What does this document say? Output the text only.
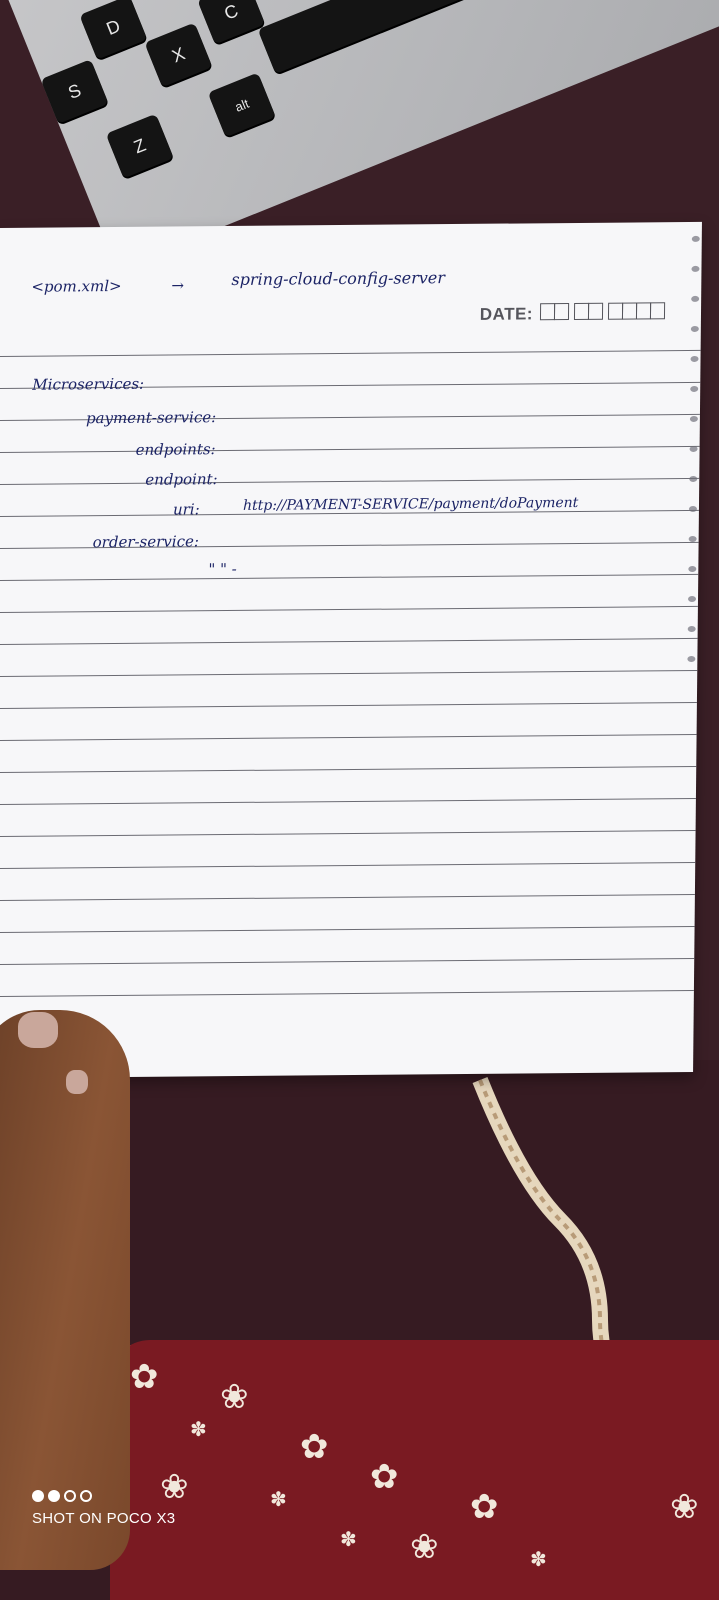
D
S
X
C
Z
alt
✿
❀
✽	✿
❀	✽
✿
❀
✽
✿	❀
✽
DATE:
<pom.xml>	→	spring-cloud-config-server
Microservices:
payment-service:
endpoints:
endpoint:
uri:	http://PAYMENT-SERVICE/payment/doPayment
order-service:
" " -
SHOT ON POCO X3
